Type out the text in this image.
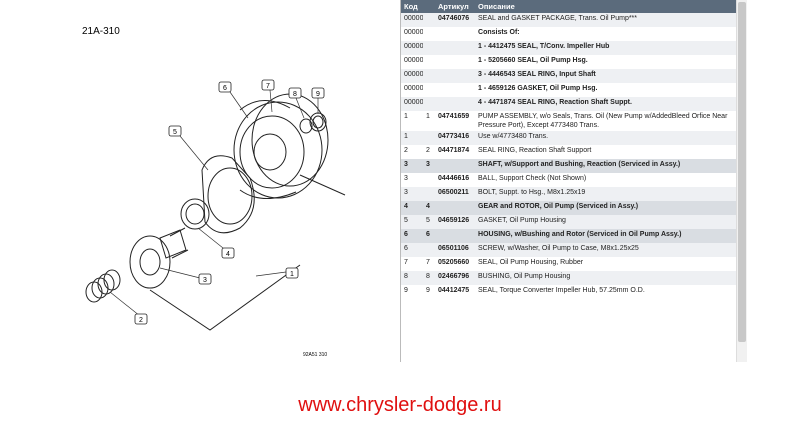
21A-310
6	7
8	9
5
4
3
2
1
92A51 310
Код		Артикул	Описание
00000		04746076	SEAL and GASKET PACKAGE, Trans. Oil Pump***
00000			Consists Of:
00000			1 - 4412475 SEAL, T/Conv. Impeller Hub
00000			1 - 5205660 SEAL, Oil Pump Hsg.
00000			3 - 4446543 SEAL RING, Input Shaft
00000			1 - 4659126 GASKET, Oil Pump Hsg.
00000			4 - 4471874 SEAL RING, Reaction Shaft Suppt.
1	1	04741659	PUMP ASSEMBLY, w/o Seals, Trans. Oil (New Pump w/AddedBleed Orfice Near Pressure Port), Except 4773480 Trans.
1		04773416	Use w/4773480 Trans.
2	2	04471874	SEAL RING, Reaction Shaft Support
3	3		SHAFT, w/Support and Bushing, Reaction (Serviced in Assy.)
3		04446616	BALL, Support Check (Not Shown)
3		06500211	BOLT, Suppt. to Hsg., M8x1.25x19
4	4		GEAR and ROTOR, Oil Pump (Serviced in Assy.)
5	5	04659126	GASKET, Oil Pump Housing
6	6		HOUSING, w/Bushing and Rotor (Serviced in Oil Pump Assy.)
6		06501106	SCREW, w/Washer, Oil Pump to Case, M8x1.25x25
7	7	05205660	SEAL, Oil Pump Housing, Rubber
8	8	02466796	BUSHING, Oil Pump Housing
9	9	04412475	SEAL, Torque Converter Impeller Hub, 57.25mm O.D.
www.chrysler-dodge.ru
